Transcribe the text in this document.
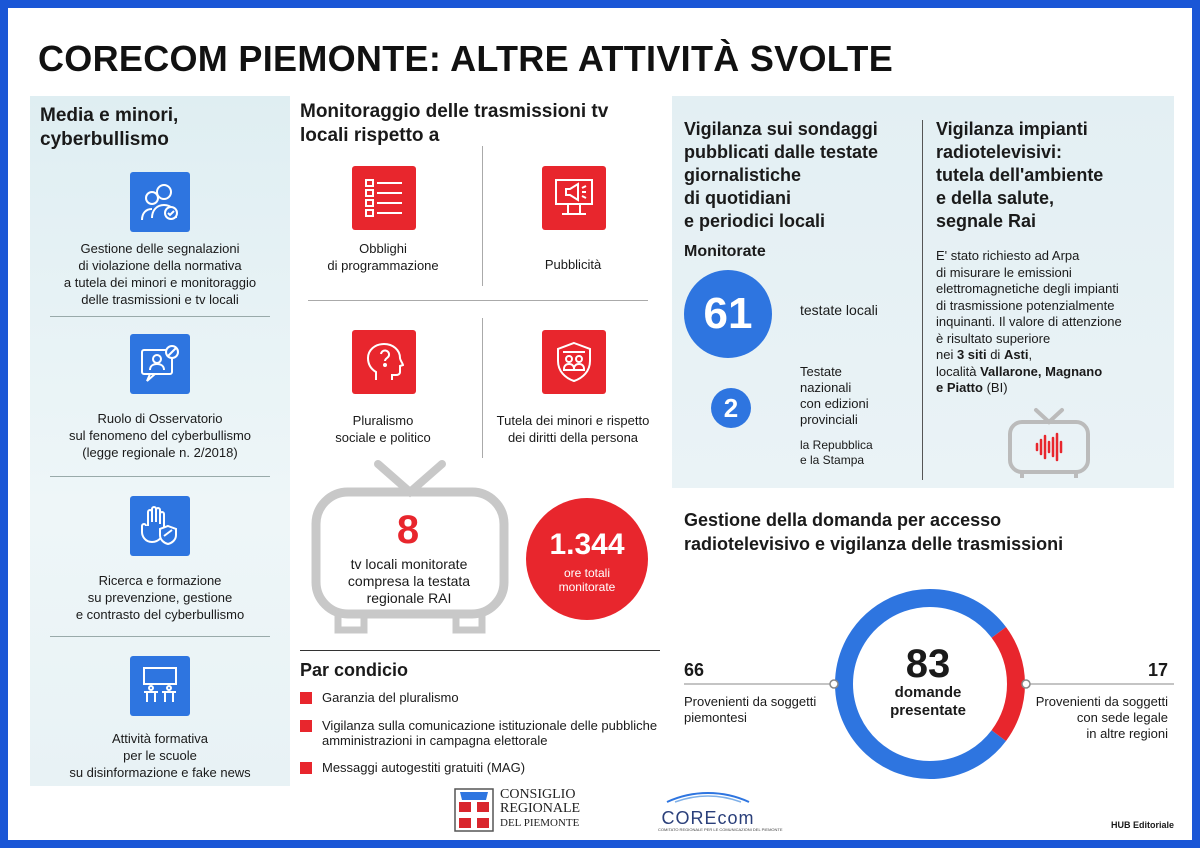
CORECOM PIEMONTE: ALTRE ATTIVITÀ SVOLTE
Media e minori,
cyberbullismo
Gestione delle segnalazioni
di violazione della normativa
a tutela dei minori e monitoraggio
delle trasmissioni e tv locali
Ruolo di Osservatorio
sul fenomeno del cyberbullismo
(legge regionale n. 2/2018)
Ricerca e formazione
su prevenzione, gestione
e contrasto del cyberbullismo
Attività formativa
per le scuole
su disinformazione e fake news
Monitoraggio delle trasmissioni tv
locali rispetto a
Obblighi
di programmazione	Pubblicità
Pluralismo
sociale e politico
Tutela dei minori e rispetto
dei diritti della persona
8
tv locali monitorate
compresa la testata
regionale RAI
1.344
ore totali
monitorate
Par condicio
Garanzia del pluralismo
Vigilanza sulla comunicazione istituzionale delle pubbliche
amministrazioni in campagna elettorale
Messaggi autogestiti gratuiti (MAG)
Vigilanza sui sondaggi
pubblicati dalle testate
giornalistiche
di quotidiani
e periodici locali
Monitorate
61	testate locali
2
Testate
nazionali
con edizioni
provinciali
la Repubblica
e la Stampa
Vigilanza impianti
radiotelevisivi:
tutela dell'ambiente
e della salute,
segnale Rai
E' stato richiesto ad Arpa
di misurare le emissioni
elettromagnetiche degli impianti
di trasmissione potenzialmente
inquinanti. Il valore di attenzione
è risultato superiore
nei 3 siti di Asti,
località Vallarone, Magnano
e Piatto (BI)
Gestione della domanda per accesso
radiotelevisivo e vigilanza delle trasmissioni
83
domande
presentate
66
Provenienti da soggetti
piemontesi
17
Provenienti da soggetti
con sede legale
in altre regioni
CONSIGLIO
REGIONALE
DEL PIEMONTE	COREcom
COMITATO REGIONALE PER LE COMUNICAZIONI DEL PIEMONTE	HUB Editoriale
